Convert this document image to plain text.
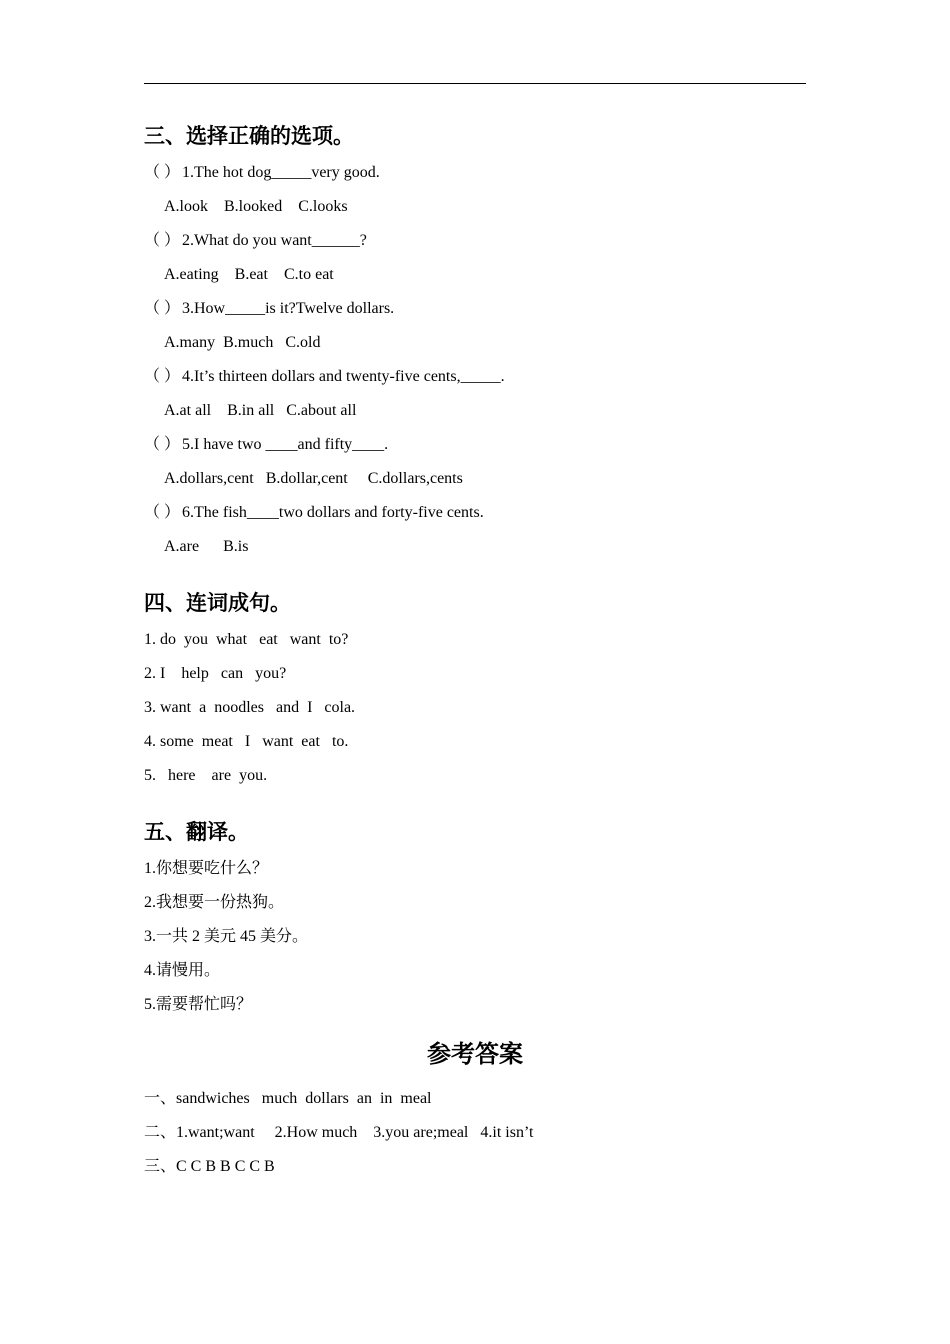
三、选择正确的选项。
（ ） 1.The hot dog_____very good.
A.look    B.looked    C.looks
（ ） 2.What do you want______?
A.eating    B.eat    C.to eat
（ ） 3.How_____is it?Twelve dollars.
A.many  B.much   C.old
（ ） 4.It’s thirteen dollars and twenty-five cents,_____.
A.at all    B.in all   C.about all
（ ） 5.I have two ____and fifty____.
A.dollars,cent   B.dollar,cent     C.dollars,cents
（ ） 6.The fish____two dollars and forty-five cents.
A.are      B.is
四、连词成句。
1. do  you  what   eat   want  to?
2. I    help   can   you?
3. want  a  noodles   and  I   cola.
4. some  meat   I   want  eat   to.
5.   here    are  you.
五、翻译。
1.你想要吃什么？
2.我想要一份热狗。
3.一共 2 美元 45 美分。
4.请慢用。
5.需要帮忙吗？
参考答案
一、sandwiches   much  dollars  an  in  meal
二、1.want;want     2.How much    3.you are;meal   4.it isn’t
三、C C B B C C B
